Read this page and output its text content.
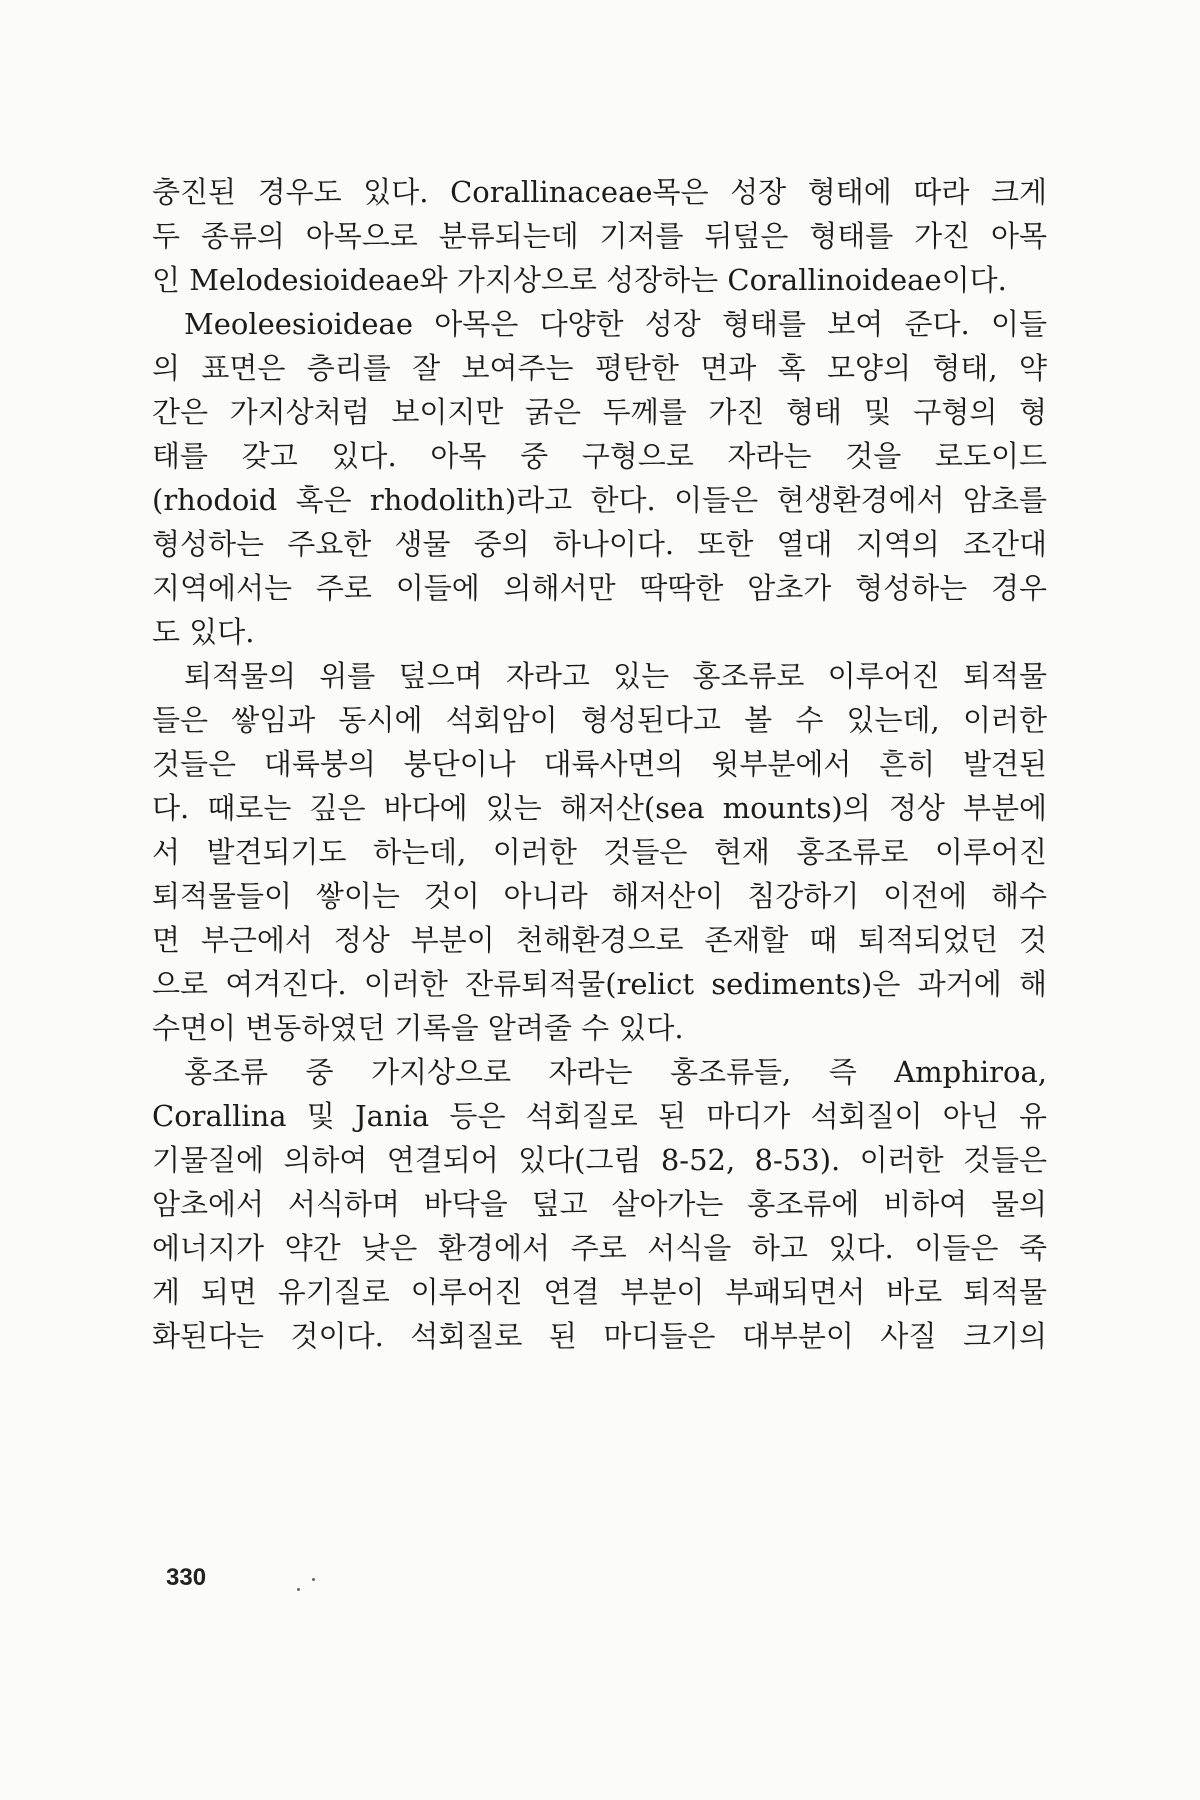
충진된 경우도 있다. Corallinaceae목은 성장 형태에 따라 크게

두 종류의 아목으로 분류되는데 기저를 뒤덮은 형태를 가진 아목

인 Melodesioideae와 가지상으로 성장하는 Corallinoideae이다.

Meoleesioideae 아목은 다양한 성장 형태를 보여 준다. 이들

의 표면은 층리를 잘 보여주는 평탄한 면과 혹 모양의 형태, 약

간은 가지상처럼 보이지만 굵은 두께를 가진 형태 및 구형의 형

태를 갖고 있다. 아목 중 구형으로 자라는 것을 로도이드

(rhodoid 혹은 rhodolith)라고 한다. 이들은 현생환경에서 암초를

형성하는 주요한 생물 중의 하나이다. 또한 열대 지역의 조간대

지역에서는 주로 이들에 의해서만 딱딱한 암초가 형성하는 경우

도 있다.

퇴적물의 위를 덮으며 자라고 있는 홍조류로 이루어진 퇴적물

들은 쌓임과 동시에 석회암이 형성된다고 볼 수 있는데, 이러한

것들은 대륙붕의 붕단이나 대륙사면의 윗부분에서 흔히 발견된

다. 때로는 깊은 바다에 있는 해저산(sea mounts)의 정상 부분에

서 발견되기도 하는데, 이러한 것들은 현재 홍조류로 이루어진

퇴적물들이 쌓이는 것이 아니라 해저산이 침강하기 이전에 해수

면 부근에서 정상 부분이 천해환경으로 존재할 때 퇴적되었던 것

으로 여겨진다. 이러한 잔류퇴적물(relict sediments)은 과거에 해

수면이 변동하였던 기록을 알려줄 수 있다.

홍조류 중 가지상으로 자라는 홍조류들, 즉 Amphiroa,

Corallina 및 Jania 등은 석회질로 된 마디가 석회질이 아닌 유

기물질에 의하여 연결되어 있다(그림 8-52, 8-53). 이러한 것들은

암초에서 서식하며 바닥을 덮고 살아가는 홍조류에 비하여 물의

에너지가 약간 낮은 환경에서 주로 서식을 하고 있다. 이들은 죽

게 되면 유기질로 이루어진 연결 부분이 부패되면서 바로 퇴적물

화된다는 것이다. 석회질로 된 마디들은 대부분이 사질 크기의

330
